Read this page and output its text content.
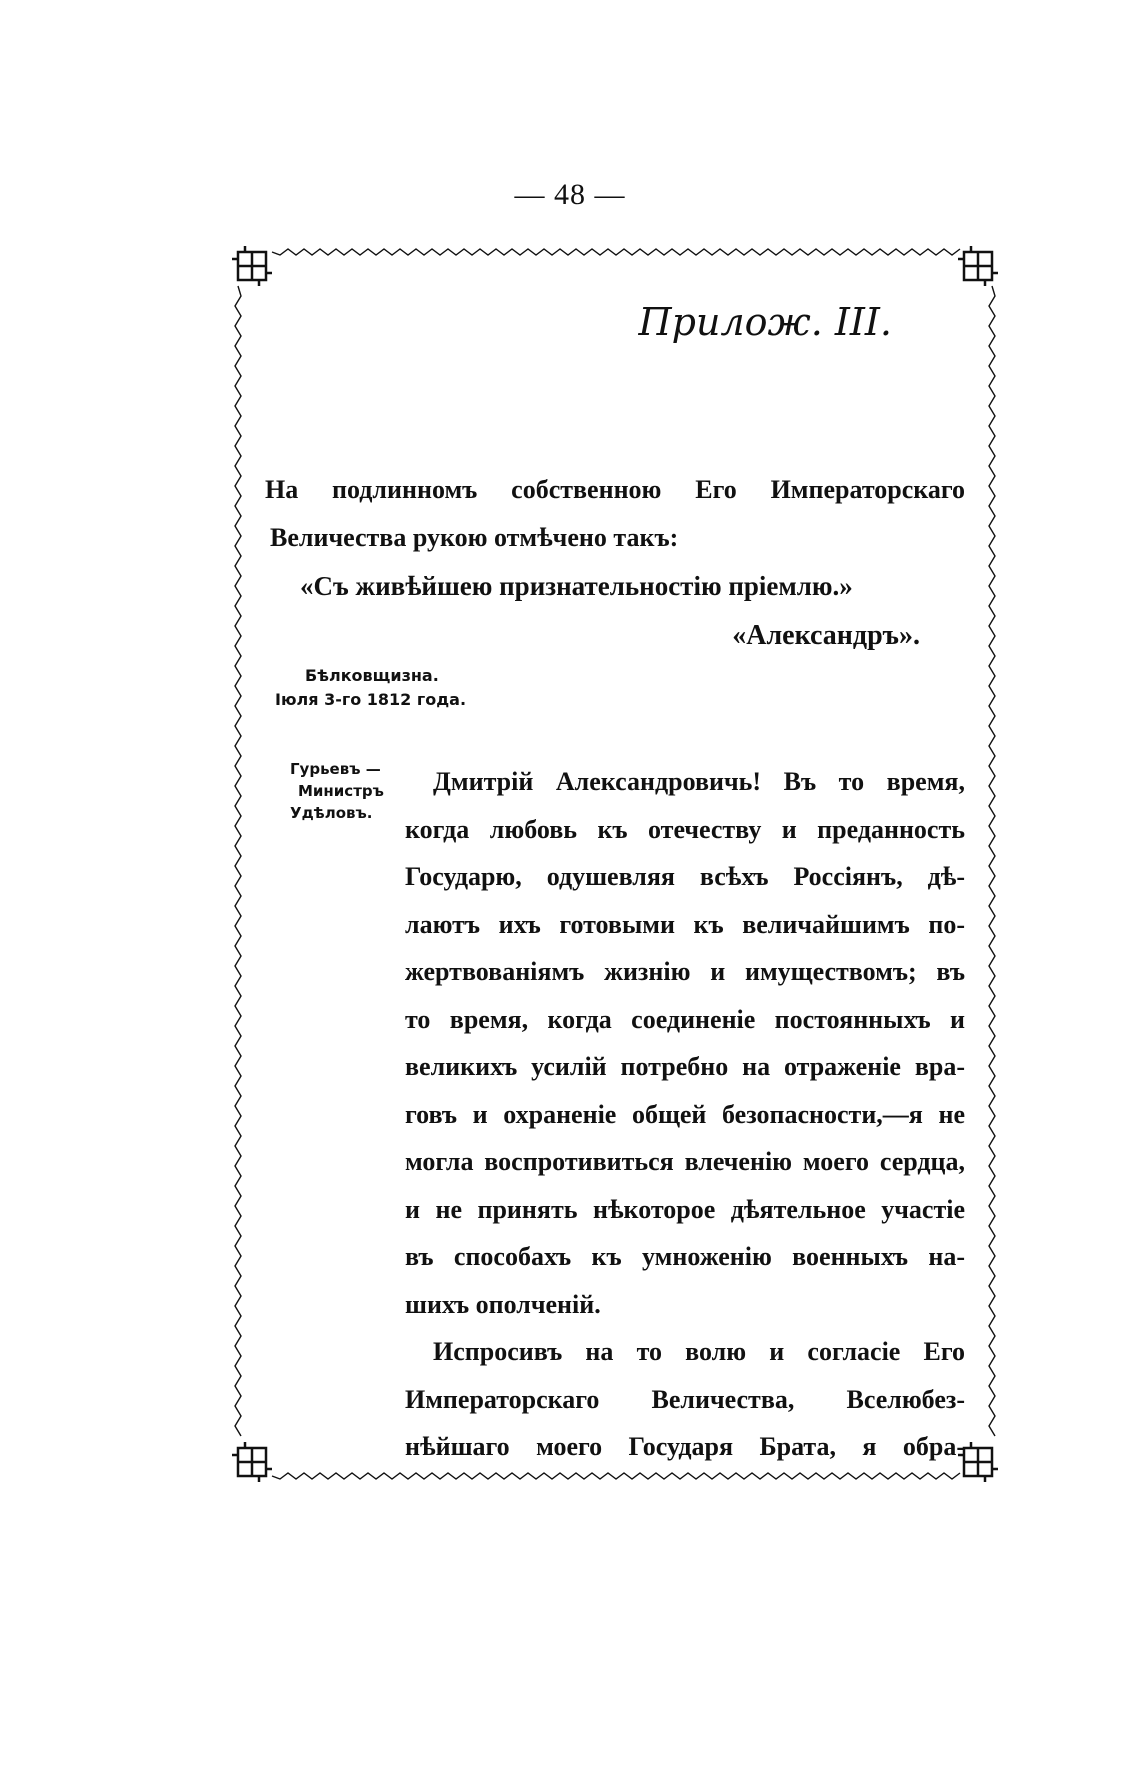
— 48 —
Прилож. III.
На подлинномъ собственною Его Императорскаго
Величества рукою отмѣчено такъ:
«Съ живѣйшею признательностію пріемлю.»
«Александръ».
Бѣлковщизна.
Іюля 3-го 1812 года.
Гурьевъ —
Министръ
Удѣловъ.
Дмитрій Александровичь! Въ то время,
когда любовь къ отечеству и преданность
Государю, одушевляя всѣхъ Россіянъ, дѣ-
лаютъ ихъ готовыми къ величайшимъ по-
жертвованіямъ жизнію и имуществомъ; въ
то время, когда соединеніе постоянныхъ и
великихъ усилій потребно на отраженіе вра-
говъ и охраненіе общей безопасности,—я не
могла воспротивиться влеченію моего сердца,
и не принять нѣкоторое дѣятельное участіе
въ способахъ къ умноженію военныхъ на-
шихъ ополченій.
Испросивъ на то волю и согласіе Его
Императорскаго Величества, Вселюбез-
нѣйшаго моего Государя Брата, я обра-
